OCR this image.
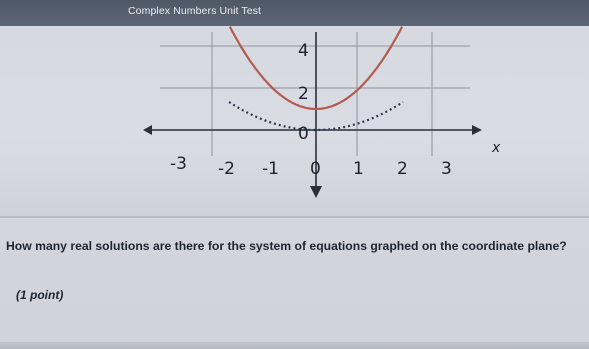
Complex Numbers Unit Test
4
2
0
-3 -2 -1 0 1 2 3
x
How many real solutions are there for the system of equations graphed on the coordinate plane?
(1 point)
